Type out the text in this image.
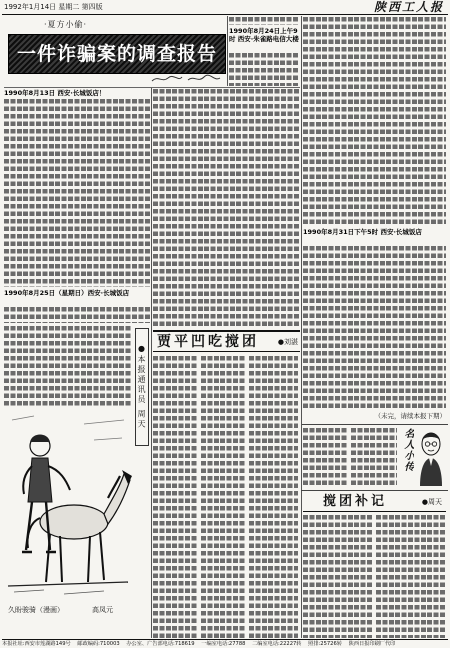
1992年1月14日 星期二 第四版	陕西工人报
·夏方小偷·
一件诈骗案的调查报告
1990年8月13日 西安·长城饭店！
1990年8月25日（星期日）西安·长城饭店
1990年8月24日上午9时 西安·朱雀路电信大楼
1990年8月31日下午5时 西安·长城饭店
（未完，请续本报下期）
●本报通讯员 周天
贾平凹吃搅团	●刘湛
名人小传
搅团补记	●周天
久盼骏骑（漫画）	高凤元
本报社址:西安市莲湖路149号 邮政编码:710003 办公室、广告部电话:718619 一编室电话:27788 二编室电话:22227转 照排:25726转 陕西日报印刷厂代印
